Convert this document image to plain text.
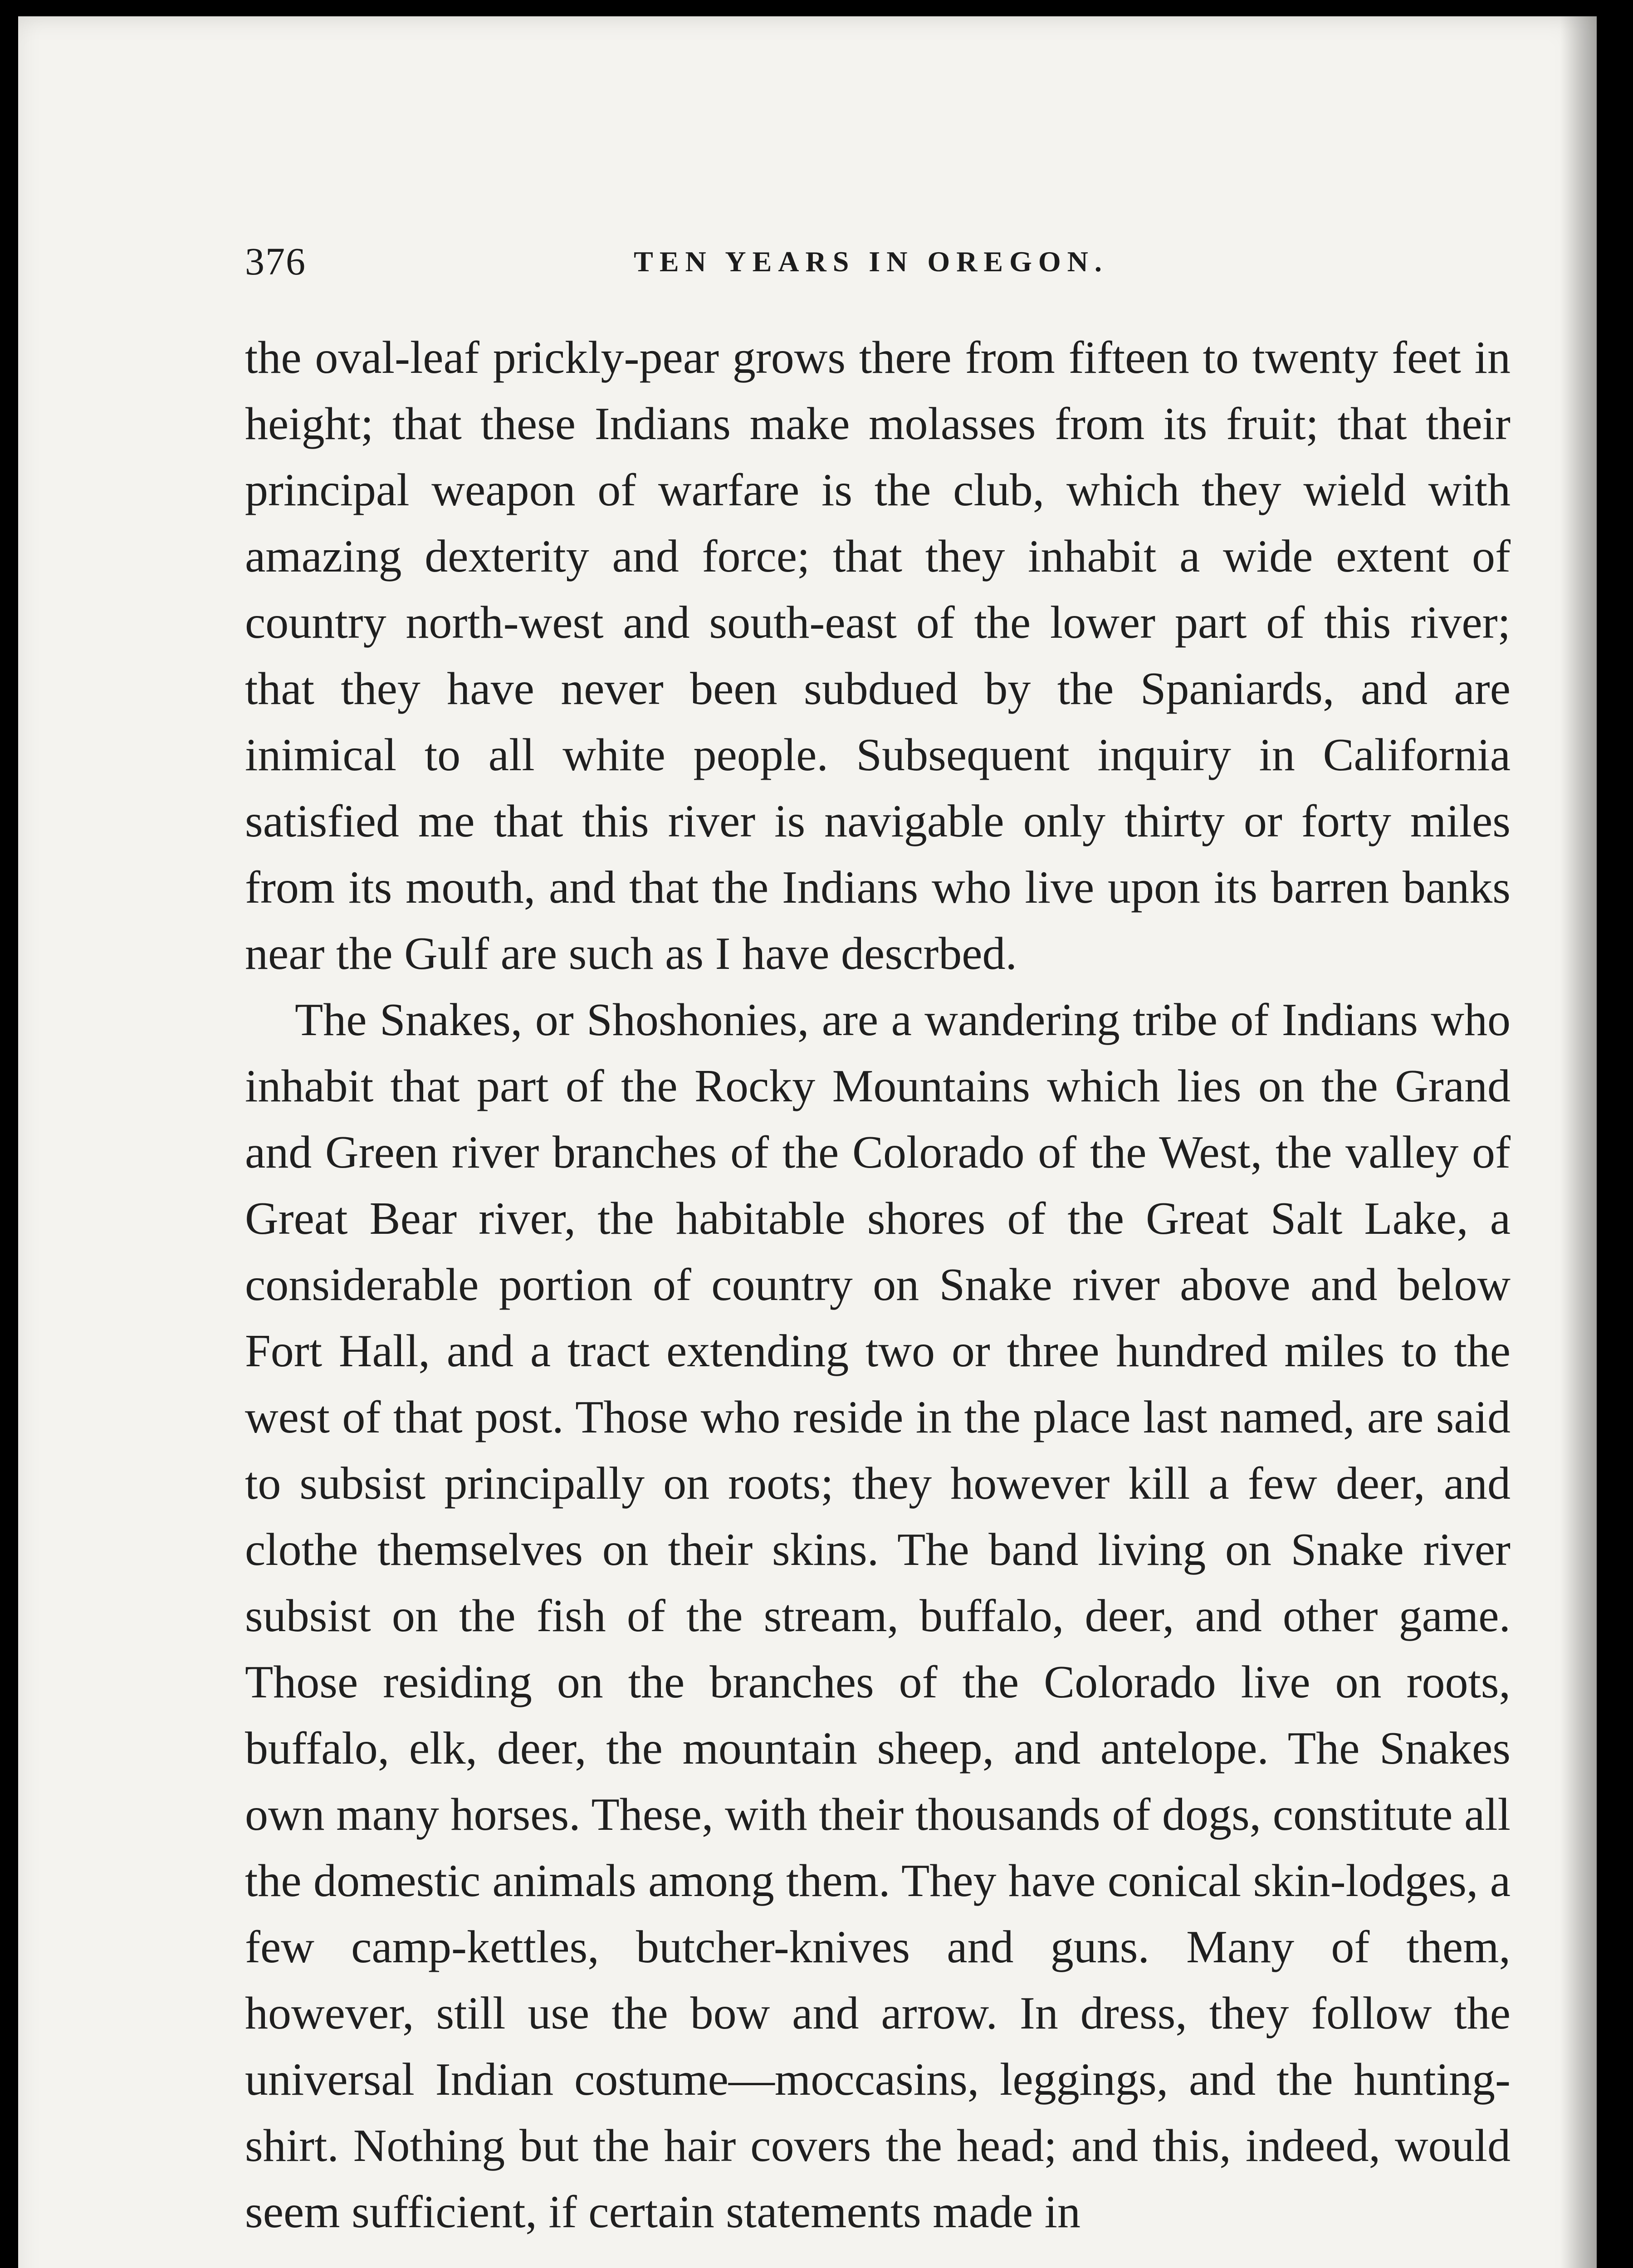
376	TEN YEARS IN OREGON.

the oval-leaf prickly-pear grows there from fifteen to twenty feet in height; that these Indians make molasses from its fruit; that their principal weapon of warfare is the club, which they wield with amazing dexterity and force; that they inhabit a wide extent of country north-west and south-east of the lower part of this river; that they have never been subdued by the Spaniards, and are inimical to all white people. Subsequent inquiry in California satisfied me that this river is navigable only thirty or forty miles from its mouth, and that the Indians who live upon its barren banks near the Gulf are such as I have descrbed.

The Snakes, or Shoshonies, are a wandering tribe of Indians who inhabit that part of the Rocky Mountains which lies on the Grand and Green river branches of the Colorado of the West, the valley of Great Bear river, the habitable shores of the Great Salt Lake, a considerable portion of country on Snake river above and below Fort Hall, and a tract extending two or three hundred miles to the west of that post. Those who reside in the place last named, are said to subsist principally on roots; they however kill a few deer, and clothe themselves on their skins. The band living on Snake river subsist on the fish of the stream, buffalo, deer, and other game. Those residing on the branches of the Colorado live on roots, buffalo, elk, deer, the mountain sheep, and antelope. The Snakes own many horses. These, with their thousands of dogs, constitute all the domestic animals among them. They have conical skin-lodges, a few camp-kettles, butcher-knives and guns. Many of them, however, still use the bow and arrow. In dress, they follow the universal Indian costume—moccasins, leggings, and the hunting-shirt. Nothing but the hair covers the head; and this, indeed, would seem sufficient, if certain statements made in
